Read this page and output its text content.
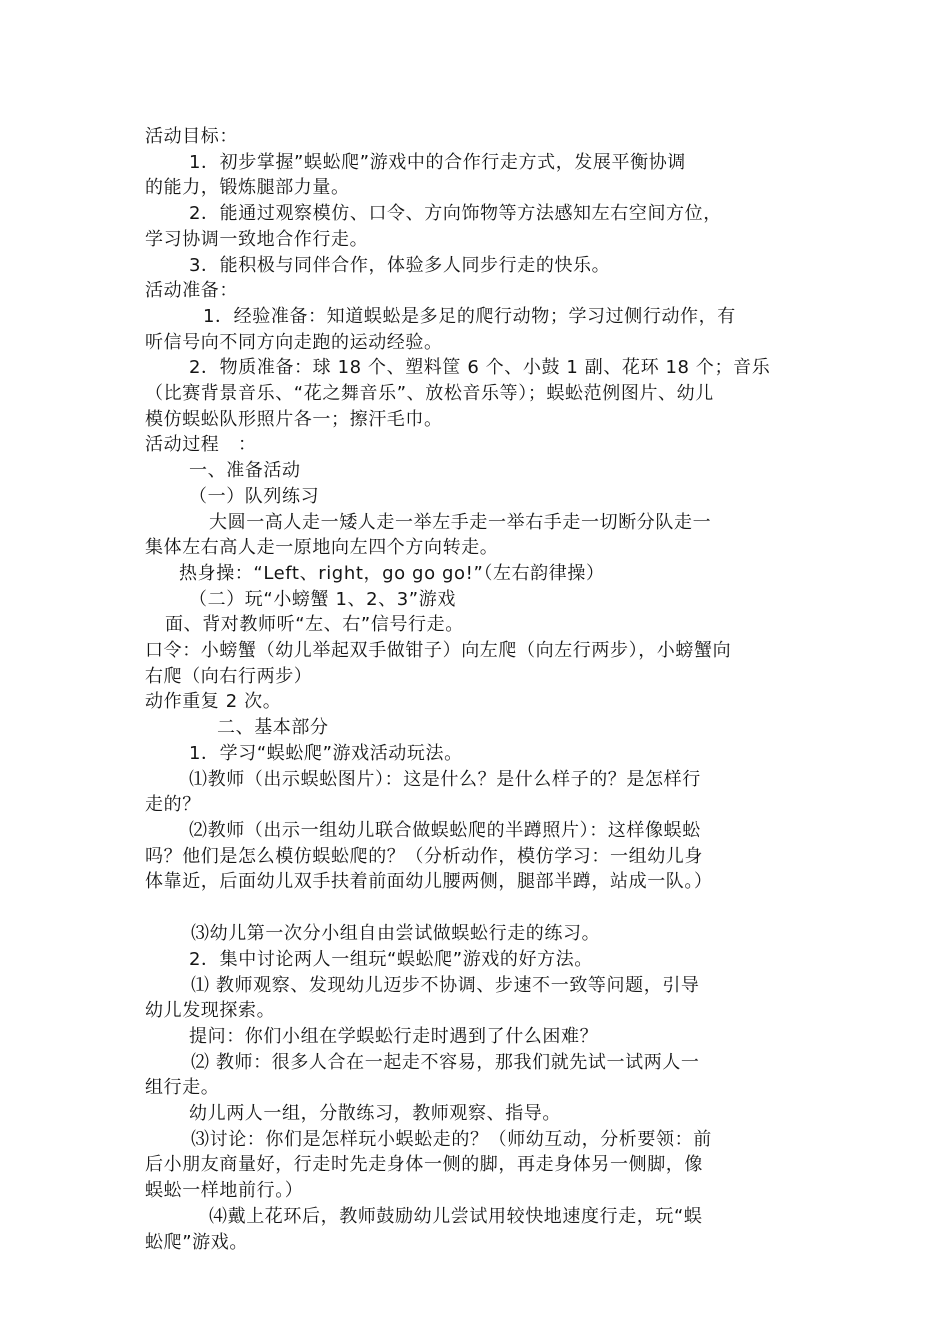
活动目标：

1．初步掌握”蜈蚣爬”游戏中的合作行走方式，发展平衡协调

的能力，锻炼腿部力量。

2．能通过观察模仿、口令、方向饰物等方法感知左右空间方位，

学习协调一致地合作行走。

3．能积极与同伴合作，体验多人同步行走的快乐。

活动准备：

1．经验准备：知道蜈蚣是多足的爬行动物；学习过侧行动作，有

听信号向不同方向走跑的运动经验。

2．物质准备：球 18 个、塑料筐 6 个、小鼓 1 副、花环 18 个；音乐

（比赛背景音乐、“花之舞音乐”、放松音乐等）；蜈蚣范例图片、幼儿

模仿蜈蚣队形照片各一；擦汗毛巾。

活动过程　：

一、准备活动

（一）队列练习

大圆一高人走一矮人走一举左手走一举右手走一切断分队走一

集体左右高人走一原地向左四个方向转走。

热身操：“Left、right，go go go!”（左右韵律操）

（二）玩“小螃蟹 1、2、3”游戏

面、背对教师听“左、右”信号行走。

口令：小螃蟹（幼儿举起双手做钳子）向左爬（向左行两步），小螃蟹向

右爬（向右行两步）

动作重复 2 次。

二、基本部分

1．学习“蜈蚣爬”游戏活动玩法。

⑴教师（出示蜈蚣图片）：这是什么？是什么样子的？是怎样行

走的？

⑵教师（出示一组幼儿联合做蜈蚣爬的半蹲照片）：这样像蜈蚣

吗？他们是怎么模仿蜈蚣爬的？（分析动作，模仿学习：一组幼儿身

体靠近，后面幼儿双手扶着前面幼儿腰两侧，腿部半蹲，站成一队。）

⑶幼儿第一次分小组自由尝试做蜈蚣行走的练习。

2．集中讨论两人一组玩“蜈蚣爬”游戏的好方法。

⑴ 教师观察、发现幼儿迈步不协调、步速不一致等问题，引导

幼儿发现探索。

提问：你们小组在学蜈蚣行走时遇到了什么困难？

⑵ 教师：很多人合在一起走不容易，那我们就先试一试两人一

组行走。

幼儿两人一组，分散练习，教师观察、指导。

⑶讨论：你们是怎样玩小蜈蚣走的？（师幼互动，分析要领：前

后小朋友商量好，行走时先走身体一侧的脚，再走身体另一侧脚，像

蜈蚣一样地前行。）

⑷戴上花环后，教师鼓励幼儿尝试用较快地速度行走，玩“蜈

蚣爬”游戏。
